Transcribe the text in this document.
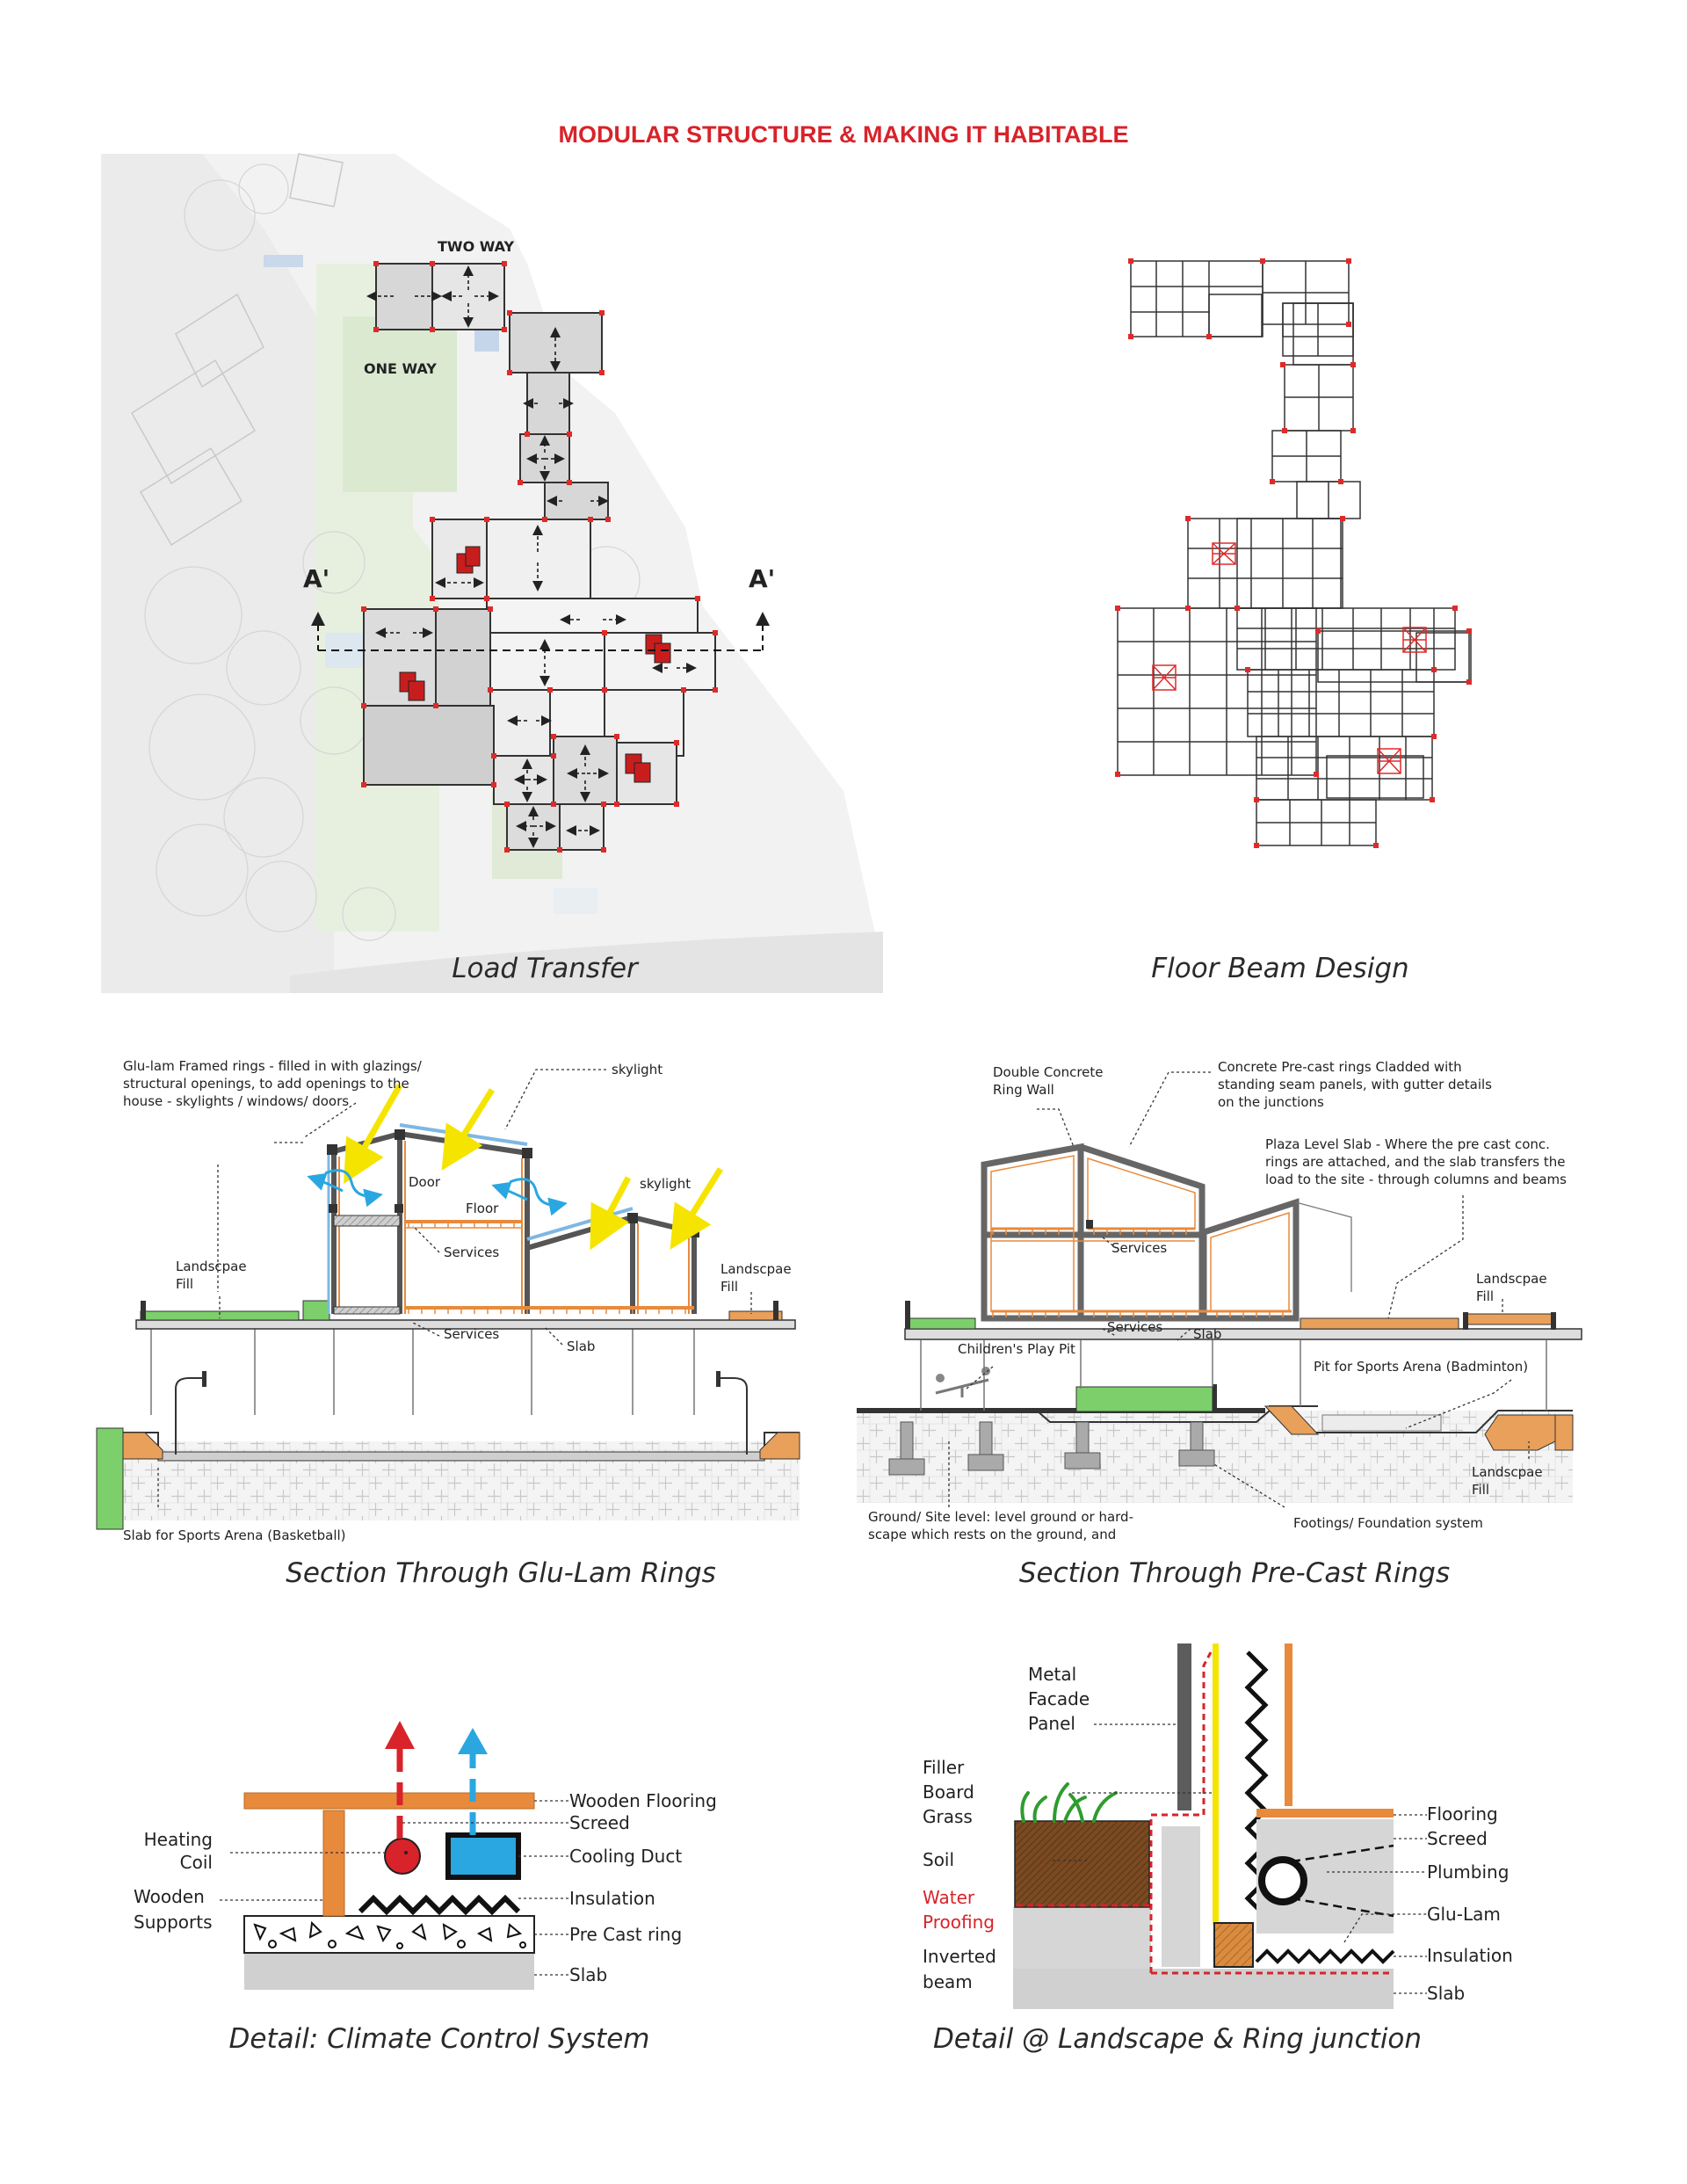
MODULAR STRUCTURE & MAKING IT HABITABLE
A'	A'
TWO WAY
ONE WAY
Load Transfer	Floor Beam Design
Glu-lam Framed rings - filled in with glazings/
structural openings, to add openings to the
house - skylights / windows/ doors
skylight
skylight
Door
Floor
Services
Services
Slab
Landscpae
Fill
Landscpae
Fill
Slab for Sports Arena (Basketball)
Section Through Glu-Lam Rings
Double Concrete
Ring Wall
Concrete Pre-cast rings Cladded with
standing seam panels, with gutter details
on the junctions
Plaza Level Slab - Where the pre cast conc.
rings are attached, and the slab transfers the
load to the site - through columns and beams
Services
Services Slab
Landscpae
Fill
Children's Play Pit
Pit for Sports Arena (Badminton)
Landscpae
Fill
Ground/ Site level: level ground or hard-
scape which rests on the ground, and
Footings/ Foundation system
Section Through Pre-Cast Rings
Wooden Flooring
Screed
Heating
Coil	Cooling Duct
Wooden
Supports
Insulation
Pre Cast ring
Slab
Detail: Climate Control System
Metal
Facade
Panel
Filler
Board
Grass
Soil
Water
Proofing
Inverted
beam
Flooring
Screed
Plumbing
Glu-Lam
Insulation
Slab
Detail @ Landscape & Ring junction
